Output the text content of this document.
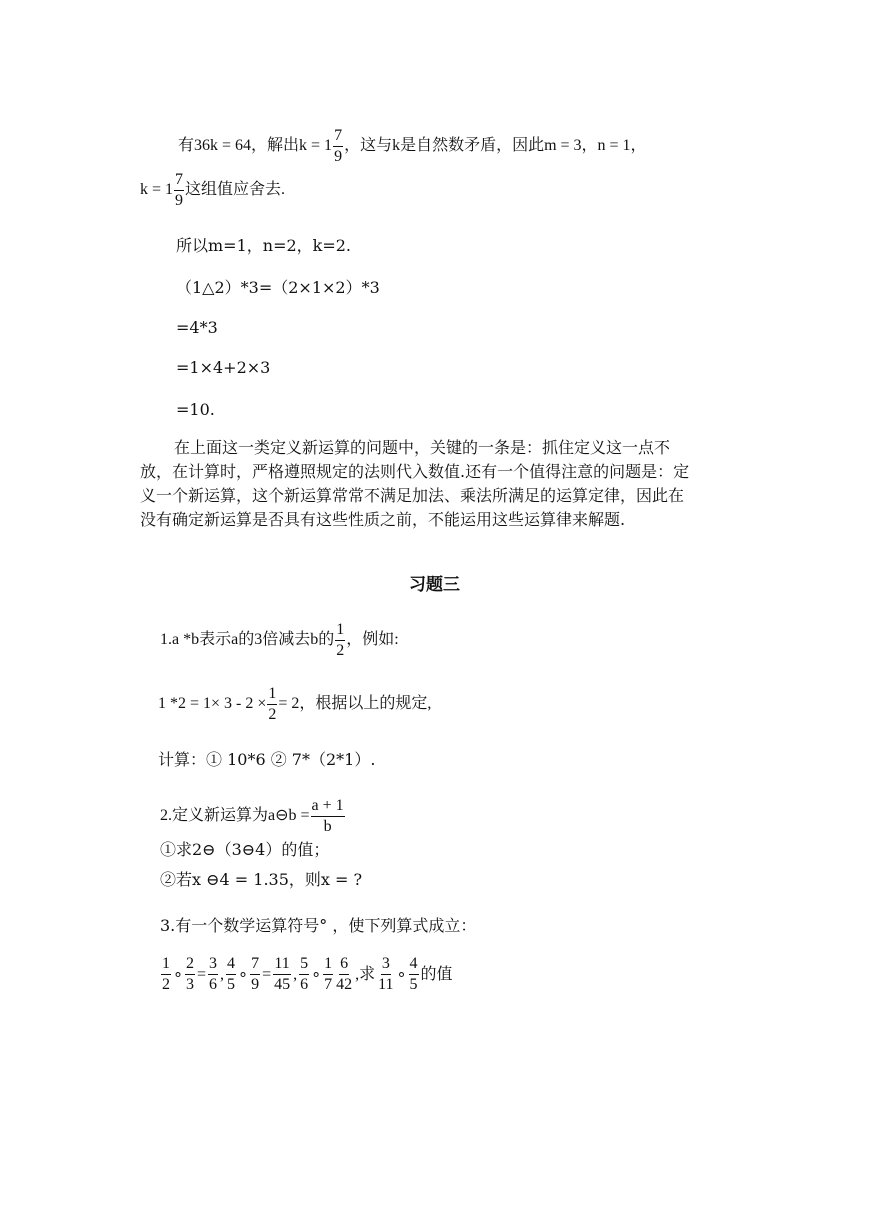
有36k = 64，解出$k = 1 \frac{7}{9}$ ，这与k是自然数矛盾，因此m = 3，n = 1，
$k = 1 \frac{7}{9}$ 这组值应舍去.
所以m=1，n=2，k=2.
（1△2）*3=（2×1×2）*3
=4*3
=1×4+2×3
=10.
在上面这一类定义新运算的问题中，关键的一条是：抓住定义这一点不
放，在计算时，严格遵照规定的法则代入数值.还有一个值得注意的问题是：定
义一个新运算，这个新运算常常不满足加法、乘法所满足的运算定律，因此在
没有确定新运算是否具有这些性质之前，不能运用这些运算律来解题.
习题三
1.a *b表示a的3倍减去b的 $\frac{1}{2}$ ，例如:
1 $*2 = 1\times 3 - 2 \times \frac{1}{2} = 2$，根据以上的规定,
计算：① 10*6 ② 7*（2*1）.
2.定义新运算为a⊖b = $\frac{a + 1}{b}$
①求2⊖（3⊖4）的值；
②若x ⊖4 = 1.35，则x = ?
3.有一个数学运算符号° ，使下列算式成立：
$\frac{1}{2}$ ∘ $\frac{2}{3} = \frac{3}{6}$ , $\frac{4}{5}$ ∘ $\frac{7}{9} = \frac{11}{45}$ , $\frac{5}{6}$ ∘ $\frac{1}{7} \frac{6}{42}$ ,求 $\frac{3}{11}$ ∘ $\frac{4}{5}$ 的值
